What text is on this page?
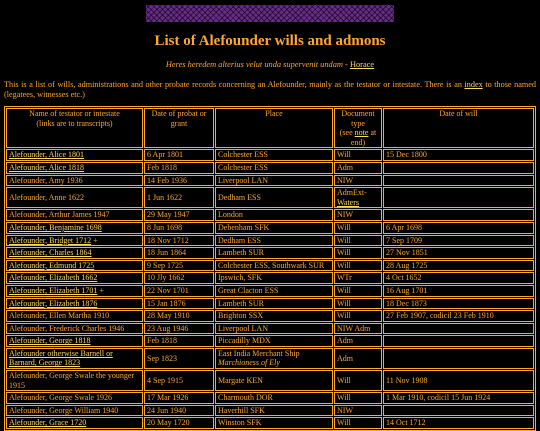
List of Alefounder wills and admons
Heres heredem alterius velut unda supervenit undam - Horace
This is a list of wills, administrations and other probate records concerning an Alefounder, mainly as the testator or intestate. There is an index to those named (legatees, witnesses etc.)
Name of testator or intestate
(links are to transcripts)	Date of probat or grant	Place	Document type
(see note at end)	Date of will
Alefounder, Alice 1801	6 Apr 1801	Colchester ESS	Will	15 Dec 1800
Alefounder, Alice 1818	Feb 1818	Colchester ESS	Adm	
Alefounder, Amy 1936	14 Feb 1936	Liverpool LAN	NIW	
Alefounder, Anne 1622	1 Jun 1622	Dedham ESS	AdmExt-
Waters	
Alefounder, Arthur James 1947	29 May 1947	London	NIW	
Alefounder, Benjamine 1698	8 Jun 1698	Debenham SFK	Will	6 Apr 1698
Alefounder, Bridget 1712 +	18 Nov 1712	Dedham ESS	Will	7 Sep 1709
Alefounder, Charles 1864	18 Jun 1864	Lambeth SUR	Will	27 Nov 1851
Alefounder, Edmund 1725	9 Sep 1725	Colchester ESS, Southwark SUR	Will	28 Aug 1725
Alefounder, Elizabeth 1662	10 Jly 1662	Ipswich, SFK	WTr	4 Oct 1652
Alefounder, Elizabeth 1701 +	22 Nov 1701	Great Clacton ESS	Will	16 Aug 1701
Alefounder, Elizabeth 1876	15 Jan 1876	Lambeth SUR	Will	18 Dec 1873
Alefounder, Ellen Martha 1910	28 May 1910	Brighton SSX	Will	27 Feb 1907, codicil 23 Feb 1910
Alefounder, Frederick Charles 1946	23 Aug 1946	Liverpool LAN	NIW Adm	
Alefounder, George 1818	Feb 1818	Piccadilly MDX	Adm	
Alefounder otherwise Barnell or Barnard, George 1823	Sep 1823	East India Merchant Ship
Marchioness of Ely	Adm	
Alefounder, George Swale the younger 1915	4 Sep 1915	Margate KEN	Will	11 Nov 1908
Alefounder, George Swale 1926	17 Mar 1926	Charmouth DOR	Will	1 Mar 1910, codicil 15 Jun 1924
Alefounder, George William 1940	24 Jun 1940	Haverhill SFK	NIW	
Alefounder, Grace 1720	20 May 1720	Winston SFK	Will	14 Oct 1712
